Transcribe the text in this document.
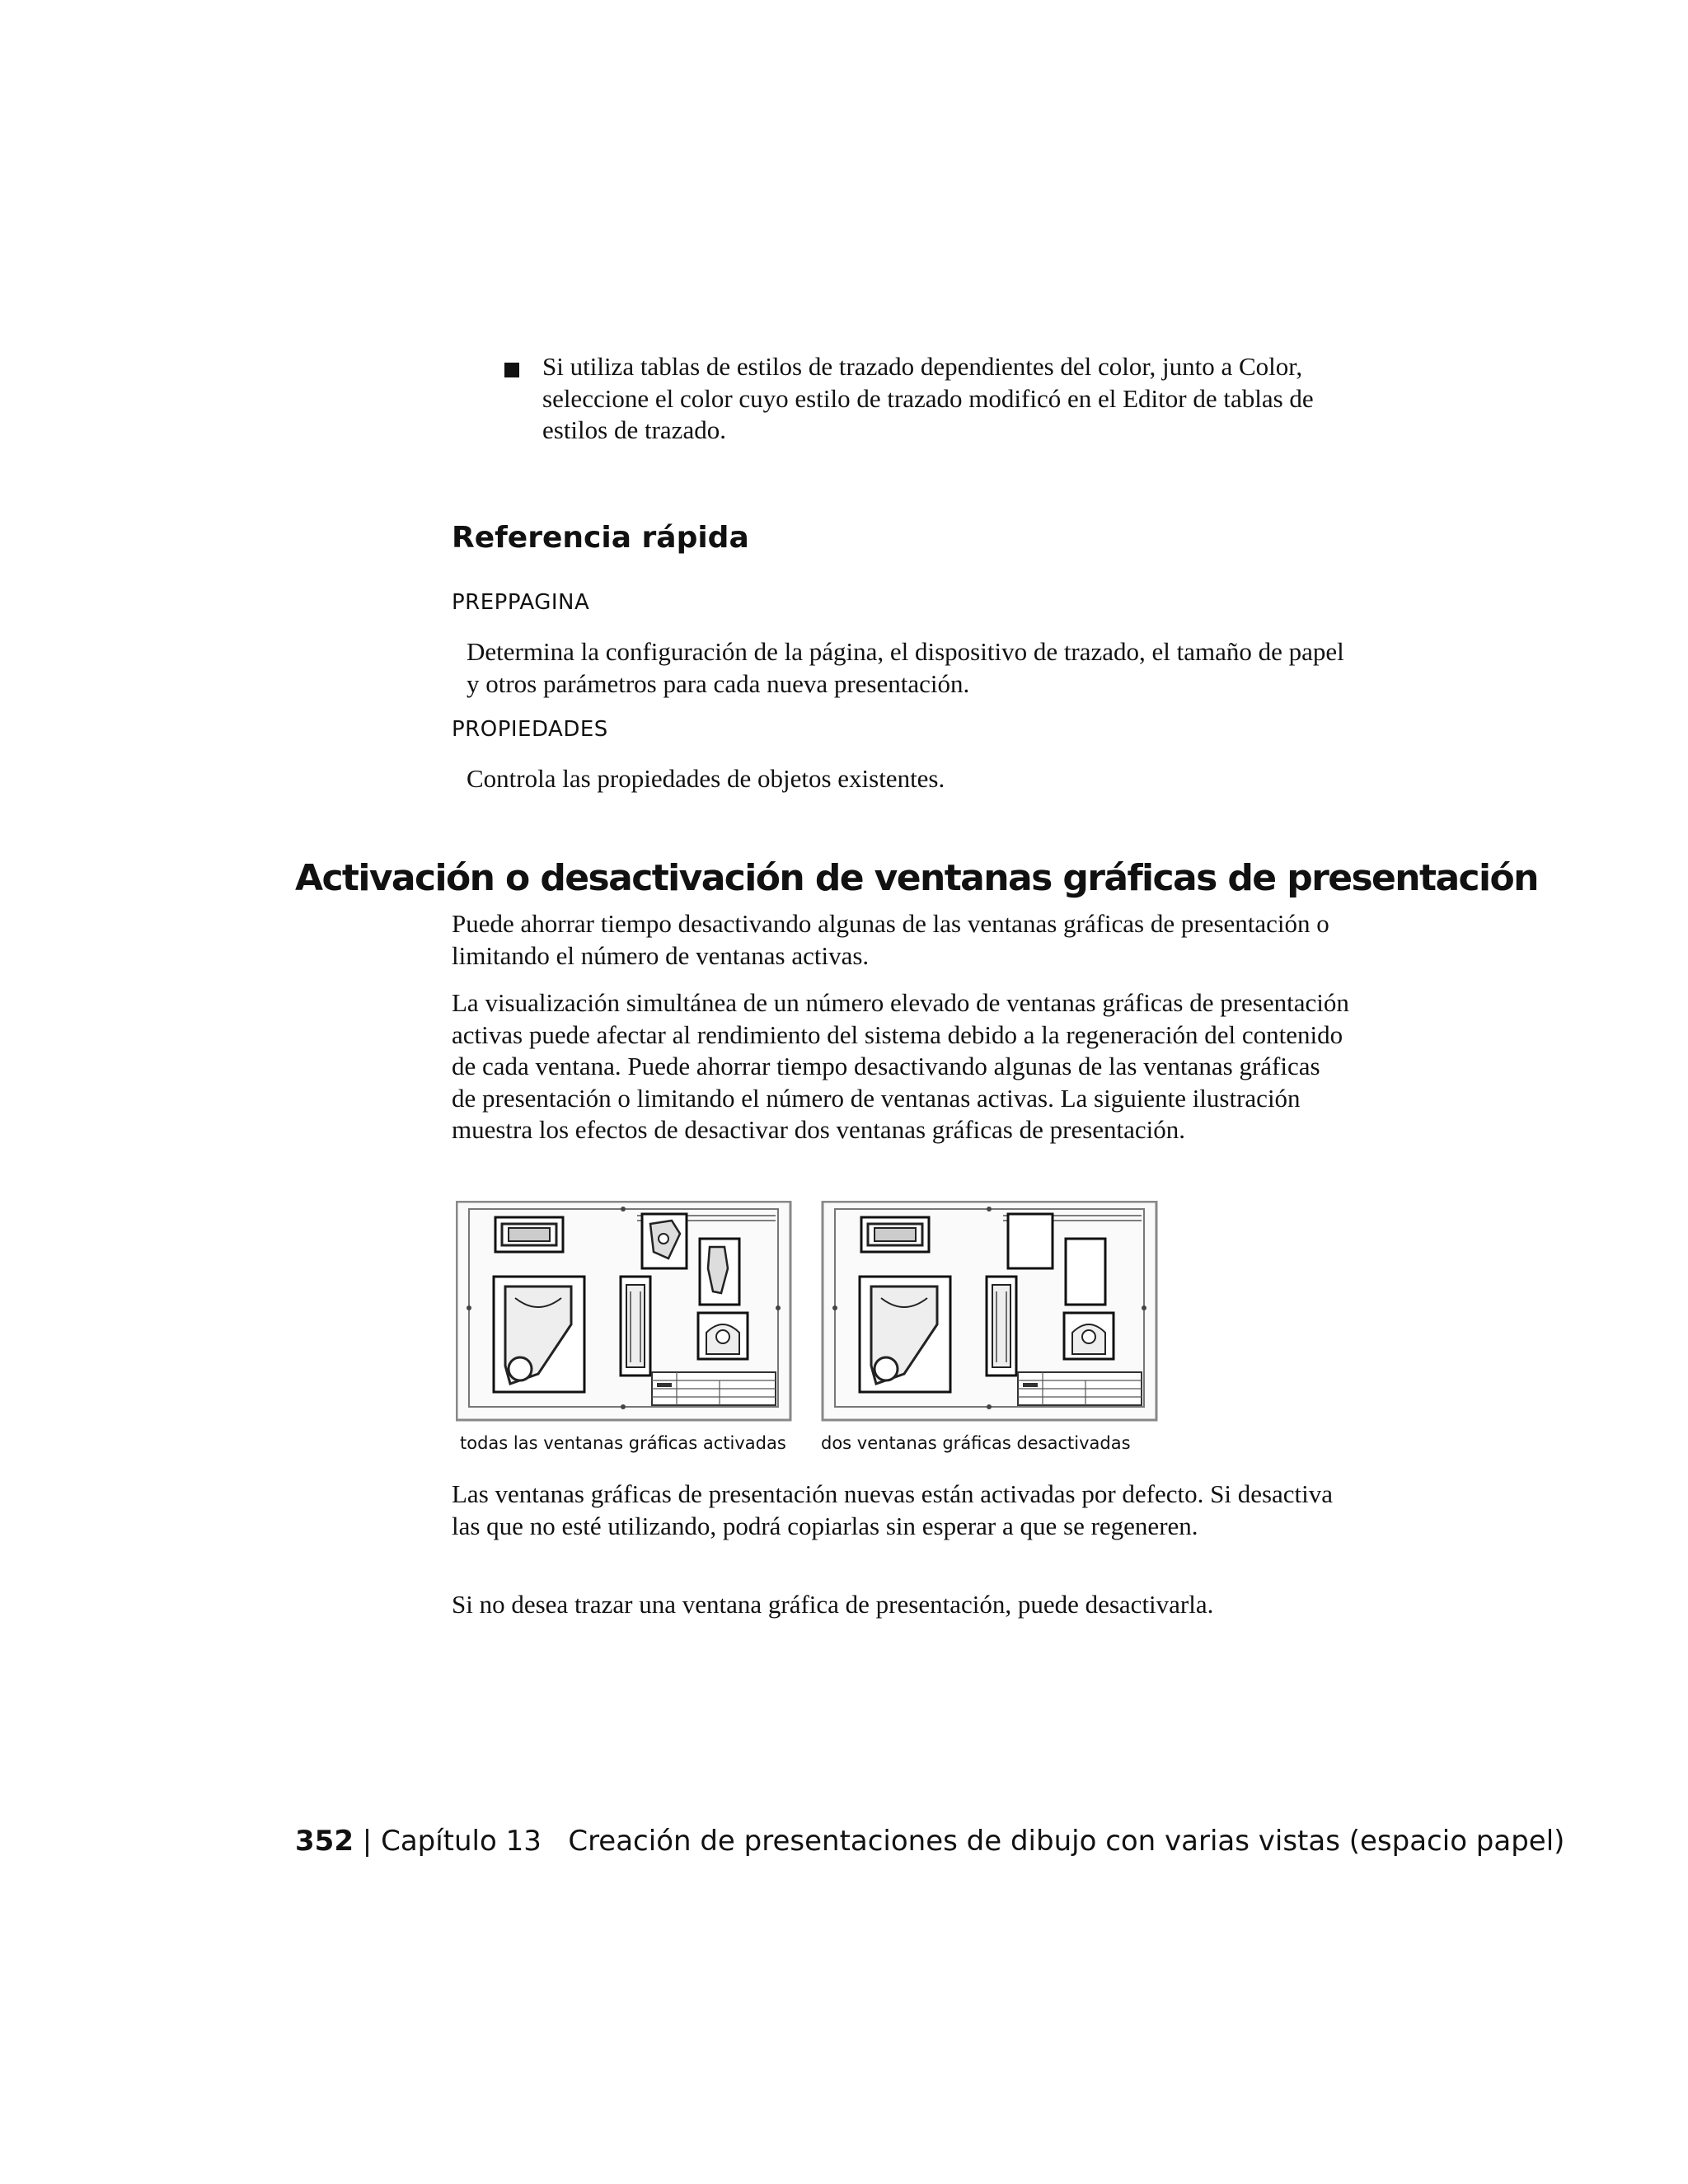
Si utiliza tablas de estilos de trazado dependientes del color, junto a Color, seleccione el color cuyo estilo de trazado modificó en el Editor de tablas de estilos de trazado.
Referencia rápida
PREPPAGINA
Determina la configuración de la página, el dispositivo de trazado, el tamaño de papel y otros parámetros para cada nueva presentación.
PROPIEDADES
Controla las propiedades de objetos existentes.
Activación o desactivación de ventanas gráficas de presentación
Puede ahorrar tiempo desactivando algunas de las ventanas gráficas de presentación o limitando el número de ventanas activas.
La visualización simultánea de un número elevado de ventanas gráficas de presentación activas puede afectar al rendimiento del sistema debido a la regeneración del contenido de cada ventana. Puede ahorrar tiempo desactivando algunas de las ventanas gráficas de presentación o limitando el número de ventanas activas. La siguiente ilustración muestra los efectos de desactivar dos ventanas gráficas de presentación.
todas las ventanas gráficas activadas dos ventanas gráficas desactivadas
Las ventanas gráficas de presentación nuevas están activadas por defecto. Si desactiva las que no esté utilizando, podrá copiarlas sin esperar a que se regeneren.
Si no desea trazar una ventana gráfica de presentación, puede desactivarla.
352 | Capítulo 13 Creación de presentaciones de dibujo con varias vistas (espacio papel)
